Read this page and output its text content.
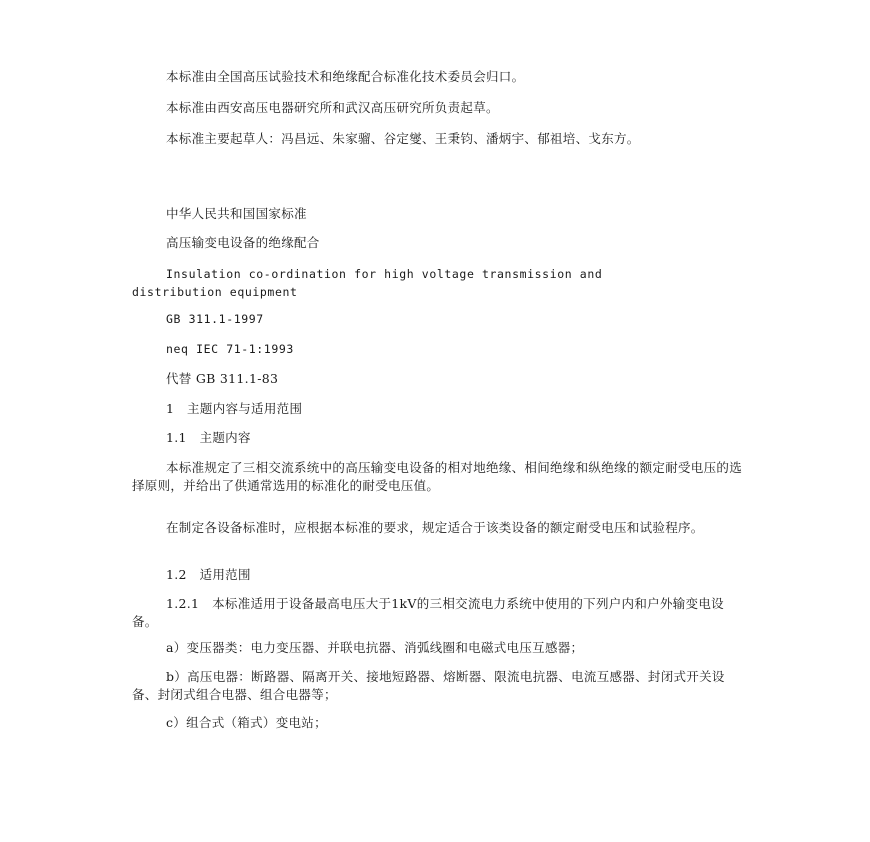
本标准由全国高压试验技术和绝缘配合标准化技术委员会归口。

本标准由西安高压电器研究所和武汉高压研究所负责起草。

本标准主要起草人：冯昌远、朱家骝、谷定燮、王秉钧、潘炳宇、郁祖培、戈东方。

中华人民共和国国家标准

高压输变电设备的绝缘配合

Insulation co-ordination for high voltage transmission and distribution equipment

GB 311.1-1997

neq IEC 71-1:1993

代替 GB 311.1-83

1　主题内容与适用范围

1.1　主题内容

本标准规定了三相交流系统中的高压输变电设备的相对地绝缘、相间绝缘和纵绝缘的额定耐受电压的选择原则，并给出了供通常选用的标准化的耐受电压值。

在制定各设备标准时，应根据本标准的要求，规定适合于该类设备的额定耐受电压和试验程序。

1.2　适用范围

1.2.1　本标准适用于设备最高电压大于1kV的三相交流电力系统中使用的下列户内和户外输变电设备。

a）变压器类：电力变压器、并联电抗器、消弧线圈和电磁式电压互感器；

b）高压电器：断路器、隔离开关、接地短路器、熔断器、限流电抗器、电流互感器、封闭式开关设备、封闭式组合电器、组合电器等；

c）组合式（箱式）变电站；
